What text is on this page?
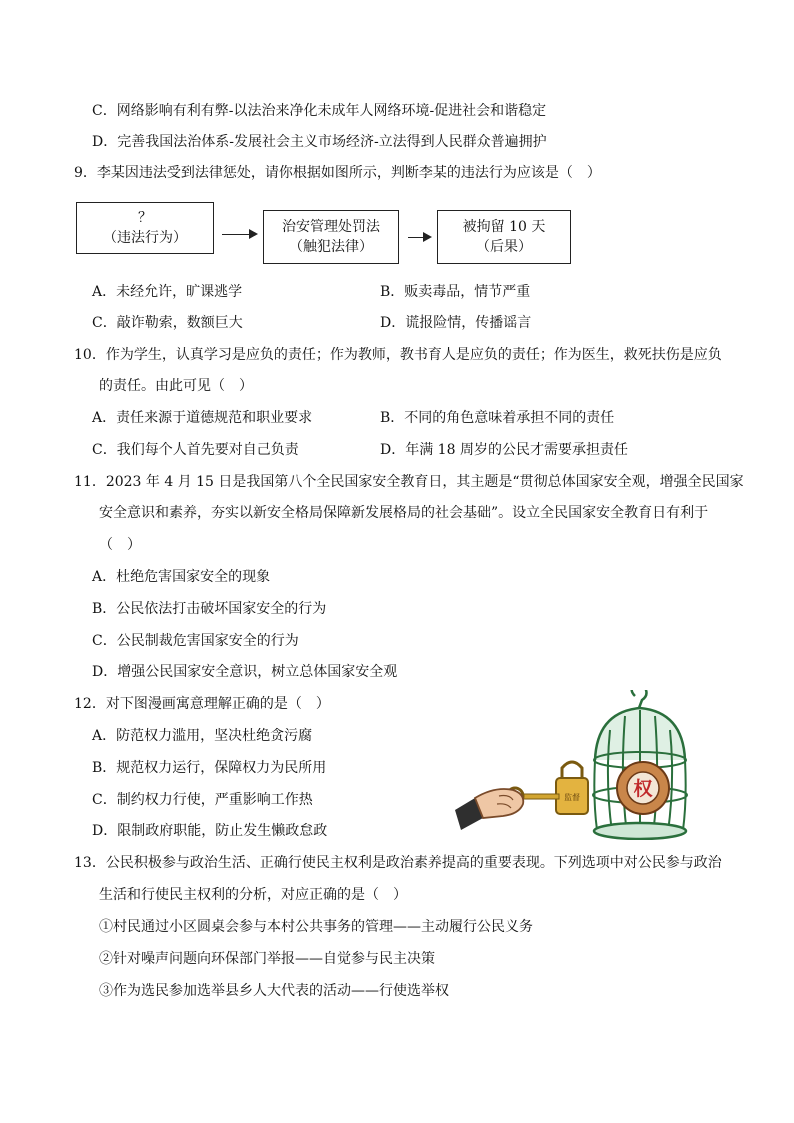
C．网络影响有利有弊-以法治来净化未成年人网络环境-促进社会和谐稳定
D．完善我国法治体系-发展社会主义市场经济-立法得到人民群众普遍拥护
9．李某因违法受到法律惩处，请你根据如图所示，判断李某的违法行为应该是（　）
？
（违法行为）
治安管理处罚法
（触犯法律）
被拘留 10 天
（后果）
A．未经允许，旷课逃学	B．贩卖毒品，情节严重
C．敲诈勒索，数额巨大	D．谎报险情，传播谣言
10．作为学生，认真学习是应负的责任；作为教师，教书育人是应负的责任；作为医生，救死扶伤是应负
的责任。由此可见（　）
A．责任来源于道德规范和职业要求	B．不同的角色意味着承担不同的责任
C．我们每个人首先要对自己负责	D．年满 18 周岁的公民才需要承担责任
11．2023 年 4 月 15 日是我国第八个全民国家安全教育日，其主题是“贯彻总体国家安全观，增强全民国家
安全意识和素养，夯实以新安全格局保障新发展格局的社会基础”。设立全民国家安全教育日有利于
（　）
A．杜绝危害国家安全的现象
B．公民依法打击破坏国家安全的行为
C．公民制裁危害国家安全的行为
D．增强公民国家安全意识，树立总体国家安全观
12．对下图漫画寓意理解正确的是（　）
A．防范权力滥用，坚决杜绝贪污腐
B．规范权力运行，保障权力为民所用
C．制约权力行使，严重影响工作热
D．限制政府职能，防止发生懒政怠政
权
监督
13．公民积极参与政治生活、正确行使民主权利是政治素养提高的重要表现。下列选项中对公民参与政治
生活和行使民主权利的分析，对应正确的是（　）
①村民通过小区圆桌会参与本村公共事务的管理——主动履行公民义务
②针对噪声问题向环保部门举报——自觉参与民主决策
③作为选民参加选举县乡人大代表的活动——行使选举权
